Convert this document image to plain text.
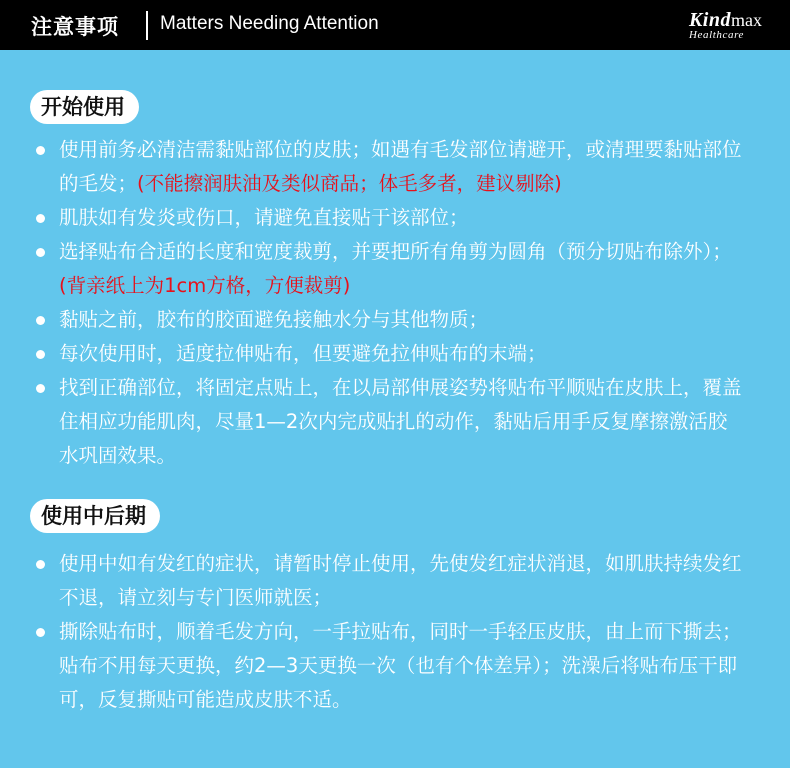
注意事项 Matters Needing Attention	Kindmax
Healthcare
开始使用
使用前务必清洁需黏贴部位的皮肤；如遇有毛发部位请避开，或清理要黏贴部位的毛发；(不能擦润肤油及类似商品；体毛多者，建议剔除)
肌肤如有发炎或伤口，请避免直接贴于该部位；
选择贴布合适的长度和宽度裁剪，并要把所有角剪为圆角（预分切贴布除外）；(背亲纸上为1cm方格，方便裁剪)
黏贴之前，胶布的胶面避免接触水分与其他物质；
每次使用时，适度拉伸贴布，但要避免拉伸贴布的末端；
找到正确部位，将固定点贴上，在以局部伸展姿势将贴布平顺贴在皮肤上，覆盖住相应功能肌肉，尽量1—2次内完成贴扎的动作，黏贴后用手反复摩擦激活胶水巩固效果。
使用中后期
使用中如有发红的症状，请暂时停止使用，先使发红症状消退，如肌肤持续发红不退，请立刻与专门医师就医；
撕除贴布时，顺着毛发方向，一手拉贴布，同时一手轻压皮肤，由上而下撕去；贴布不用每天更换，约2—3天更换一次（也有个体差异）；洗澡后将贴布压干即可，反复撕贴可能造成皮肤不适。
